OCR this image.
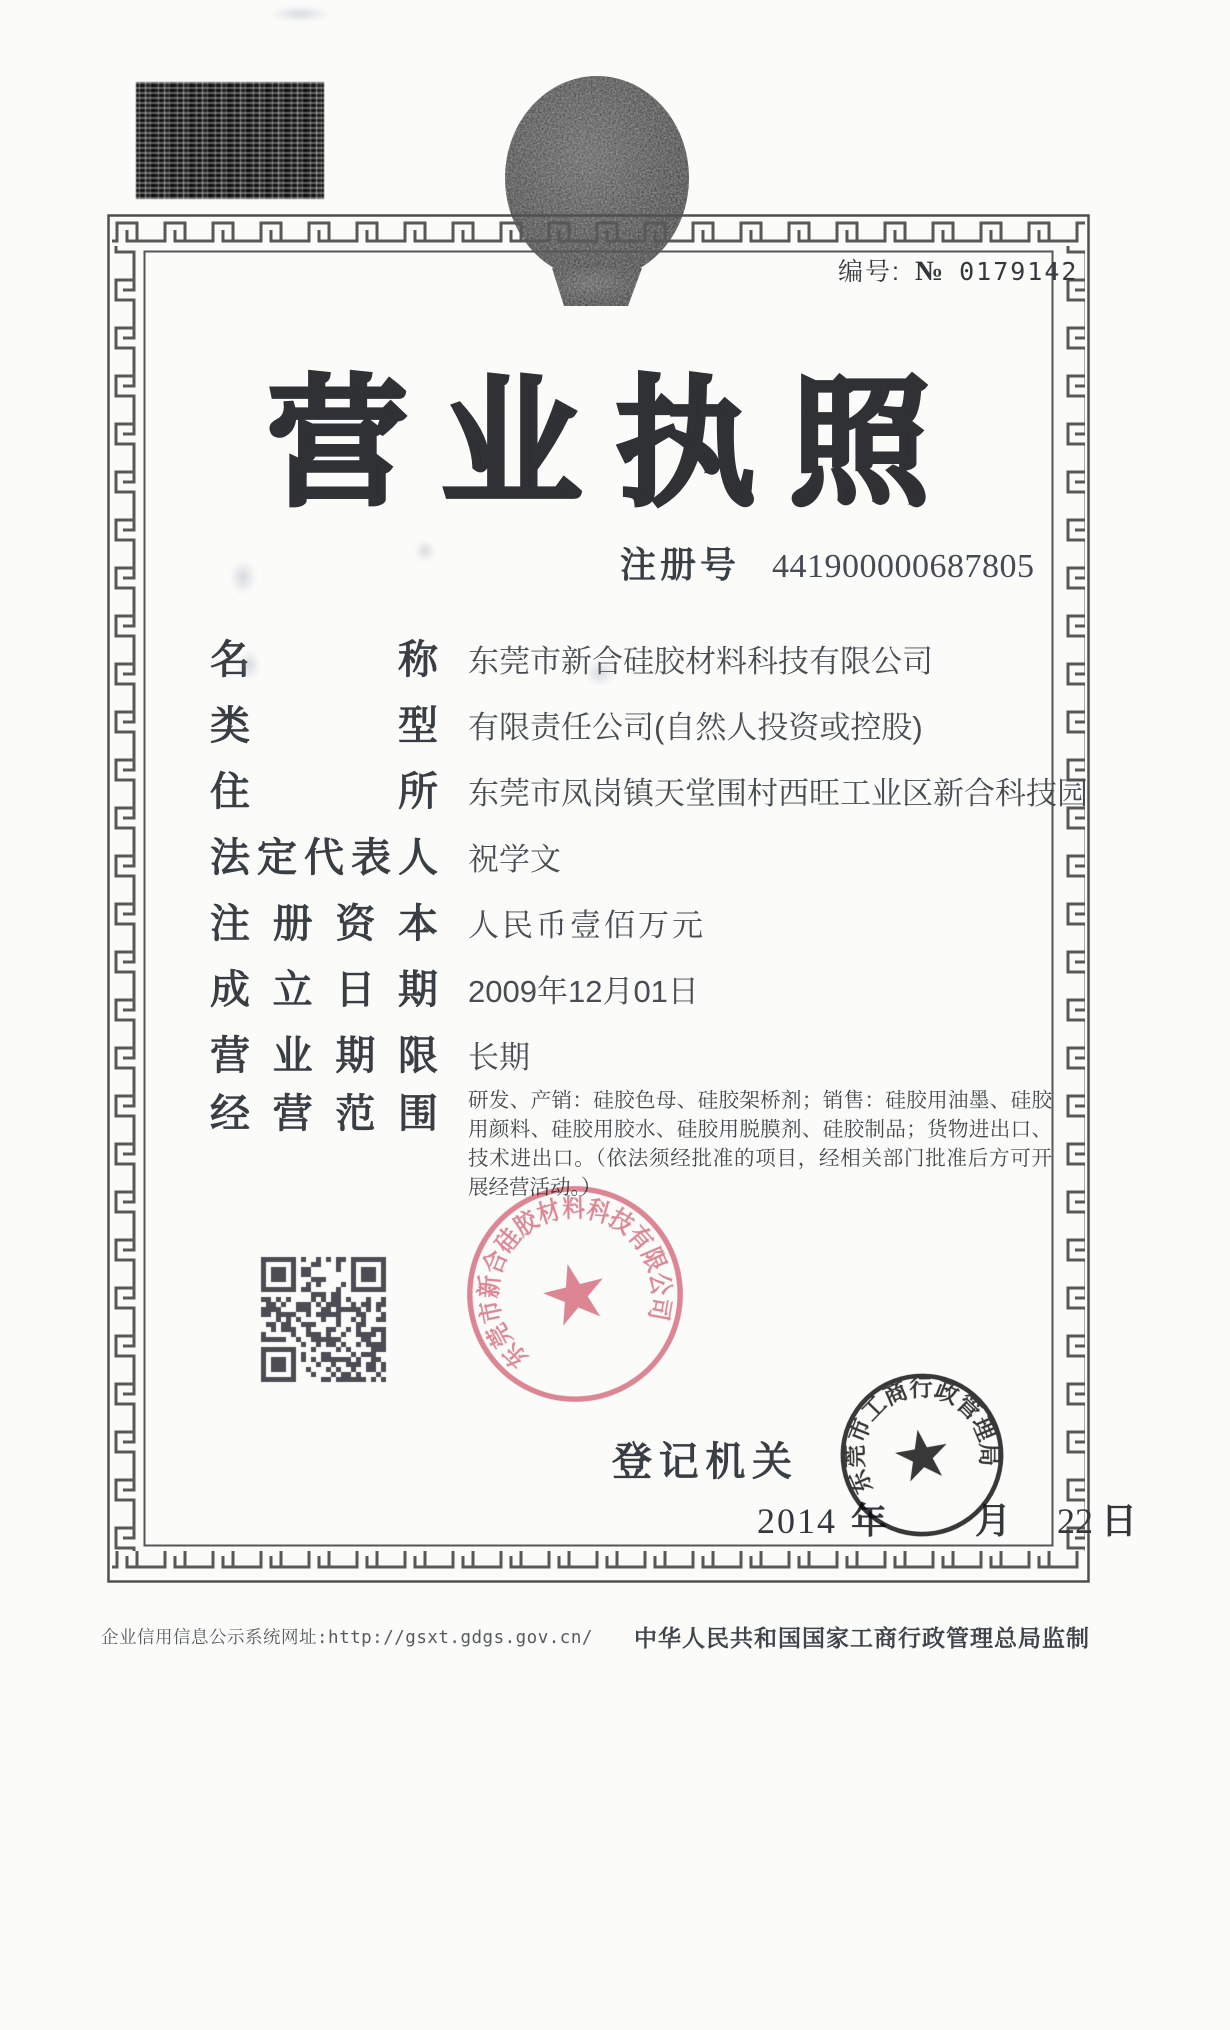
编号: № 0179142
营业执照
注 册 号 441900000687805
名	称 东莞市新合硅胶材料科技有限公司
类	型 有限责任公司(自然人投资或控股)
住	所 东莞市凤岗镇天堂围村西旺工业区新合科技园
法 定 代 表 人 祝学文
注 册 资 本 人民币壹佰万元
成 立 日 期 2009年12月01日
营 业 期 限 长期
经 营 范 围 研发、产销：硅胶色母、硅胶架桥剂；销售：硅胶用油墨、硅胶用颜料、硅胶用胶水、硅胶用脱膜剂、硅胶制品；货物进出口、技术进出口。（依法须经批准的项目，经相关部门批准后方可开展经营活动。）
东莞市新合硅胶材料科技有限公司
登 记 机 关
2014 年 月 22 日
东莞市工商行政管理局
企业信用信息公示系统网址:http://gsxt.gdgs.gov.cn/ 中华人民共和国国家工商行政管理总局监制
